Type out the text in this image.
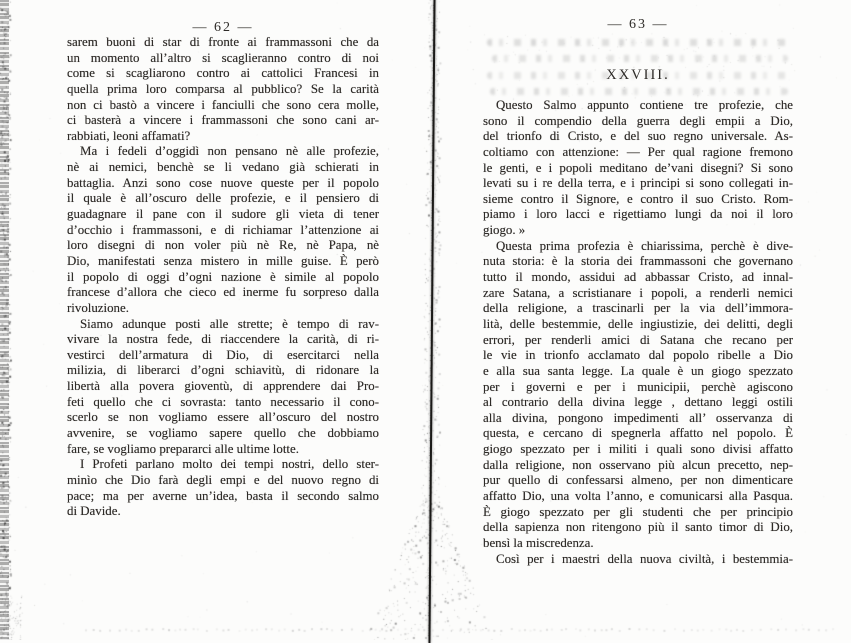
— 62 —
sarem buoni di star di fronte ai frammassoni che da
un momento all’altro si scaglieranno contro di noi
come si scagliarono contro ai cattolici Francesi in
quella prima loro comparsa al pubblico? Se la carità
non ci bastò a vincere i fanciulli che sono cera molle,
ci basterà a vincere i frammassoni che sono cani ar-
rabbiati, leoni affamati?
Ma i fedeli d’oggidì non pensano nè alle profezie,
nè ai nemici, benchè se li vedano già schierati in
battaglia. Anzi sono cose nuove queste per il popolo
il quale è all’oscuro delle profezie, e il pensiero di
guadagnare il pane con il sudore gli vieta di tener
d’occhio i frammassoni, e di richiamar l’attenzione ai
loro disegni di non voler più nè Re, nè Papa, nè
Dio, manifestati senza mistero in mille guise. È però
il popolo di oggi d’ogni nazione è simile al popolo
francese d’allora che cieco ed inerme fu sorpreso dalla
rivoluzione.
Siamo adunque posti alle strette; è tempo di rav-
vivare la nostra fede, di riaccendere la carità, di ri-
vestirci dell’armatura di Dio, di esercitarci nella
milizia, di liberarci d’ogni schiavitù, di ridonare la
libertà alla povera gioventù, di apprendere dai Pro-
feti quello che ci sovrasta: tanto necessario il cono-
scerlo se non vogliamo essere all’oscuro del nostro
avvenire, se vogliamo sapere quello che dobbiamo
fare, se vogliamo prepararci alle ultime lotte.
I Profeti parlano molto dei tempi nostri, dello ster-
minìo che Dio farà degli empi e del nuovo regno di
pace; ma per averne un’idea, basta il secondo salmo
di Davide.
— 63 —
XXVIII.
Questo Salmo appunto contiene tre profezie, che
sono il compendio della guerra degli empii a Dio,
del trionfo di Cristo, e del suo regno universale. As-
coltiamo con attenzione: — Per qual ragione fremono
le genti, e i popoli meditano de’vani disegni? Si sono
levati su i re della terra, e i principi si sono collegati in-
sieme contro il Signore, e contro il suo Cristo. Rom-
piamo i loro lacci e rigettiamo lungi da noi il loro
giogo. »
Questa prima profezia è chiarissima, perchè è dive-
nuta storia: è la storia dei frammassoni che governano
tutto il mondo, assidui ad abbassar Cristo, ad innal-
zare Satana, a scristianare i popoli, a renderli nemici
della religione, a trascinarli per la via dell’immora-
lità, delle bestemmie, delle ingiustizie, dei delitti, degli
errori, per renderli amici di Satana che recano per
le vie in trionfo acclamato dal popolo ribelle a Dio
e alla sua santa legge. La quale è un giogo spezzato
per i governi e per i municipii, perchè agiscono
al contrario della divina legge , dettano leggi ostili
alla divina, pongono impedimenti all’ osservanza di
questa, e cercano di spegnerla affatto nel popolo. È
giogo spezzato per i militi i quali sono divisi affatto
dalla religione, non osservano più alcun precetto, nep-
pur quello di confessarsi almeno, per non dimenticare
affatto Dio, una volta l’anno, e comunicarsi alla Pasqua.
È giogo spezzato per gli studenti che per principio
della sapienza non ritengono più il santo timor di Dio,
bensì la miscredenza.
Così per i maestri della nuova civiltà, i bestemmia-
